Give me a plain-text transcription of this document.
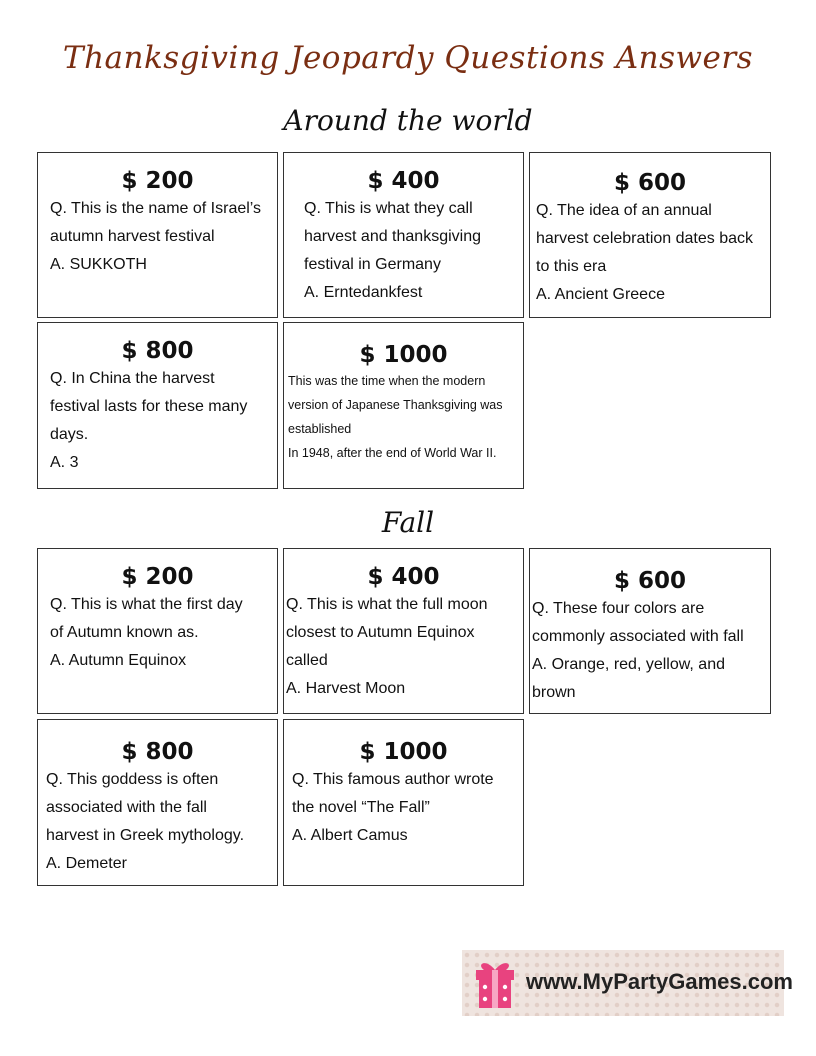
Thanksgiving Jeopardy Questions Answers
Around the world
$ 200
Q. This is the name of Israel’s
autumn harvest festival
A. SUKKOTH
$ 400
Q. This is what they call
harvest and thanksgiving
festival in Germany
A. Erntedankfest
$ 600
Q. The idea of an annual
harvest celebration dates back
to this era
A. Ancient Greece
$ 800
Q. In China the harvest
festival lasts for these many
days.
A. 3
$ 1000
This was the time when the modern
version of Japanese Thanksgiving was
established
In 1948, after the end of World War II.
Fall
$ 200
Q. This is what the first day
of Autumn known as.
A. Autumn Equinox
$ 400
Q. This is what the full moon
closest to Autumn Equinox
called
A. Harvest Moon
$ 600
Q. These four colors are
commonly associated with fall
A. Orange, red, yellow, and
brown
$ 800
Q. This goddess is often
associated with the fall
harvest in Greek mythology.
A. Demeter
$ 1000
Q. This famous author wrote
the novel “The Fall”
A. Albert Camus
www.MyPartyGames.com
